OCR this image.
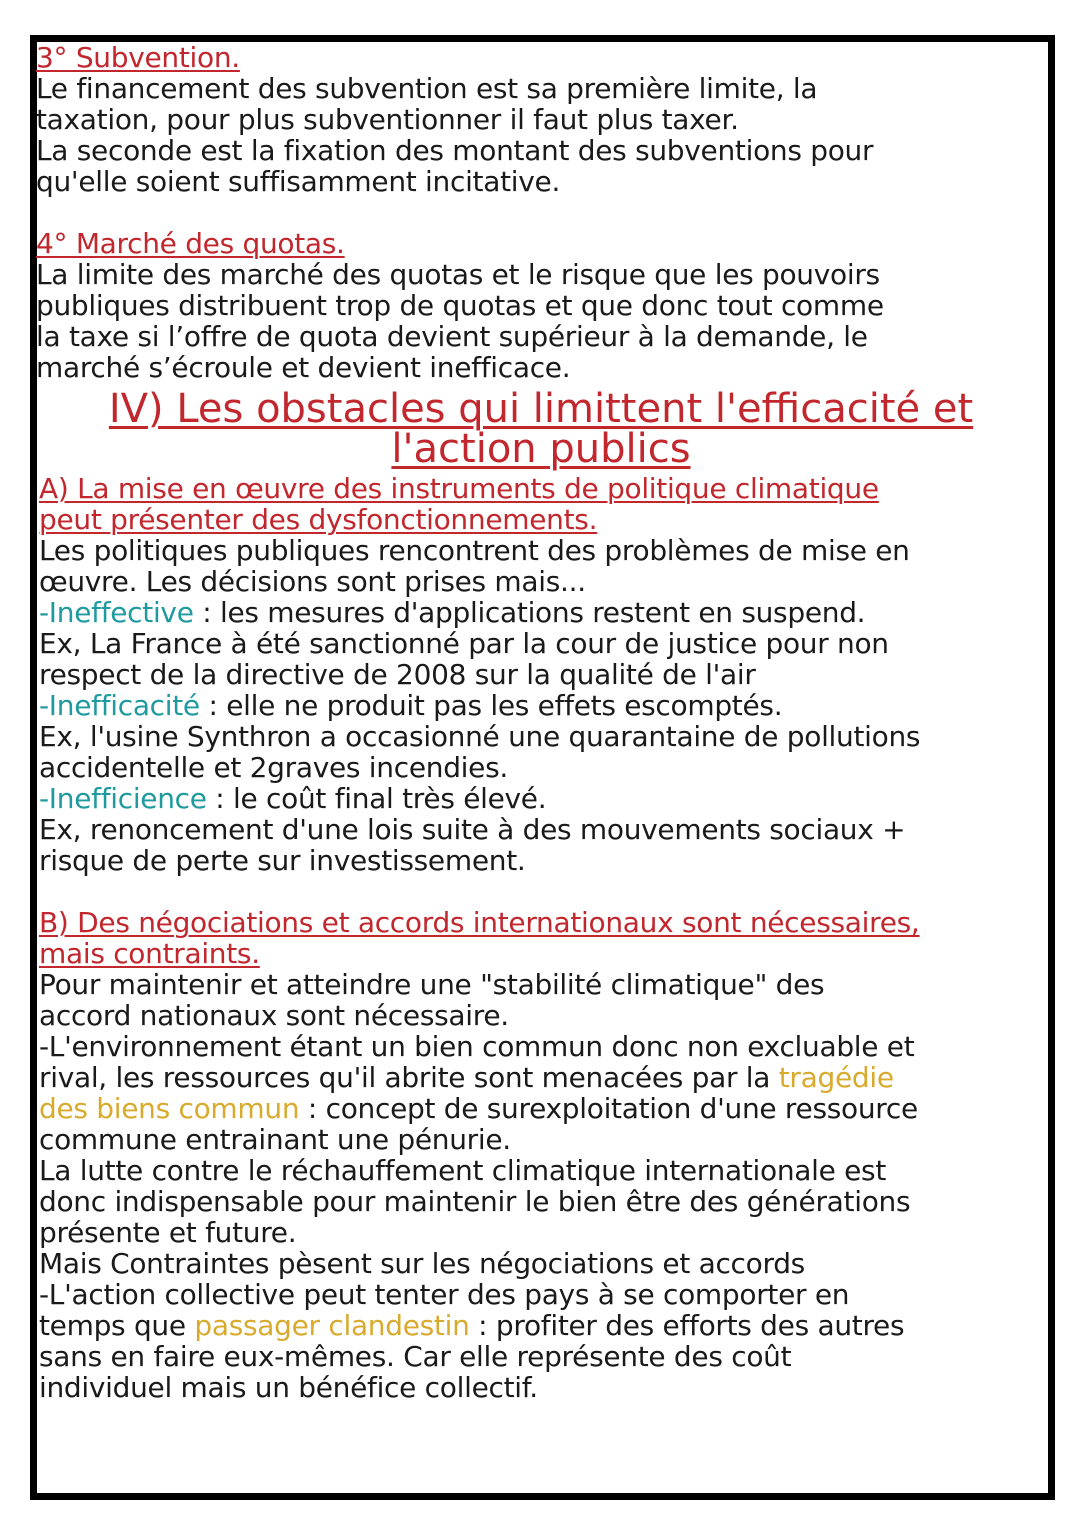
3° Subvention.

Le financement des subvention est sa première limite, la

taxation, pour plus subventionner il faut plus taxer.

La seconde est la fixation des montant des subventions pour

qu'elle soient suffisamment incitative.

4° Marché des quotas.

La limite des marché des quotas et le risque que les pouvoirs

publiques distribuent trop de quotas et que donc tout comme

la taxe si l’offre de quota devient supérieur à la demande, le

marché s’écroule et devient inefficace.

IV) Les obstacles qui limittent l'efficacité et

l'action publics

A) La mise en œuvre des instruments de politique climatique

peut présenter des dysfonctionnements.

Les politiques publiques rencontrent des problèmes de mise en

œuvre. Les décisions sont prises mais...

-Ineffective : les mesures d'applications restent en suspend.

Ex, La France à été sanctionné par la cour de justice pour non

respect de la directive de 2008 sur la qualité de l'air

-Inefficacité : elle ne produit pas les effets escomptés.

Ex, l'usine Synthron a occasionné une quarantaine de pollutions

accidentelle et 2graves incendies.

-Inefficience : le coût final très élevé.

Ex, renoncement d'une lois suite à des mouvements sociaux +

risque de perte sur investissement.

B) Des négociations et accords internationaux sont nécessaires,

mais contraints.

Pour maintenir et atteindre une "stabilité climatique" des

accord nationaux sont nécessaire.

-L'environnement étant un bien commun donc non excluable et

rival, les ressources qu'il abrite sont menacées par la tragédie

des biens commun : concept de surexploitation d'une ressource

commune entrainant une pénurie.

La lutte contre le réchauffement climatique internationale est

donc indispensable pour maintenir le bien être des générations

présente et future.

Mais Contraintes pèsent sur les négociations et accords

-L'action collective peut tenter des pays à se comporter en

temps que passager clandestin : profiter des efforts des autres

sans en faire eux-mêmes. Car elle représente des coût

individuel mais un bénéfice collectif.
